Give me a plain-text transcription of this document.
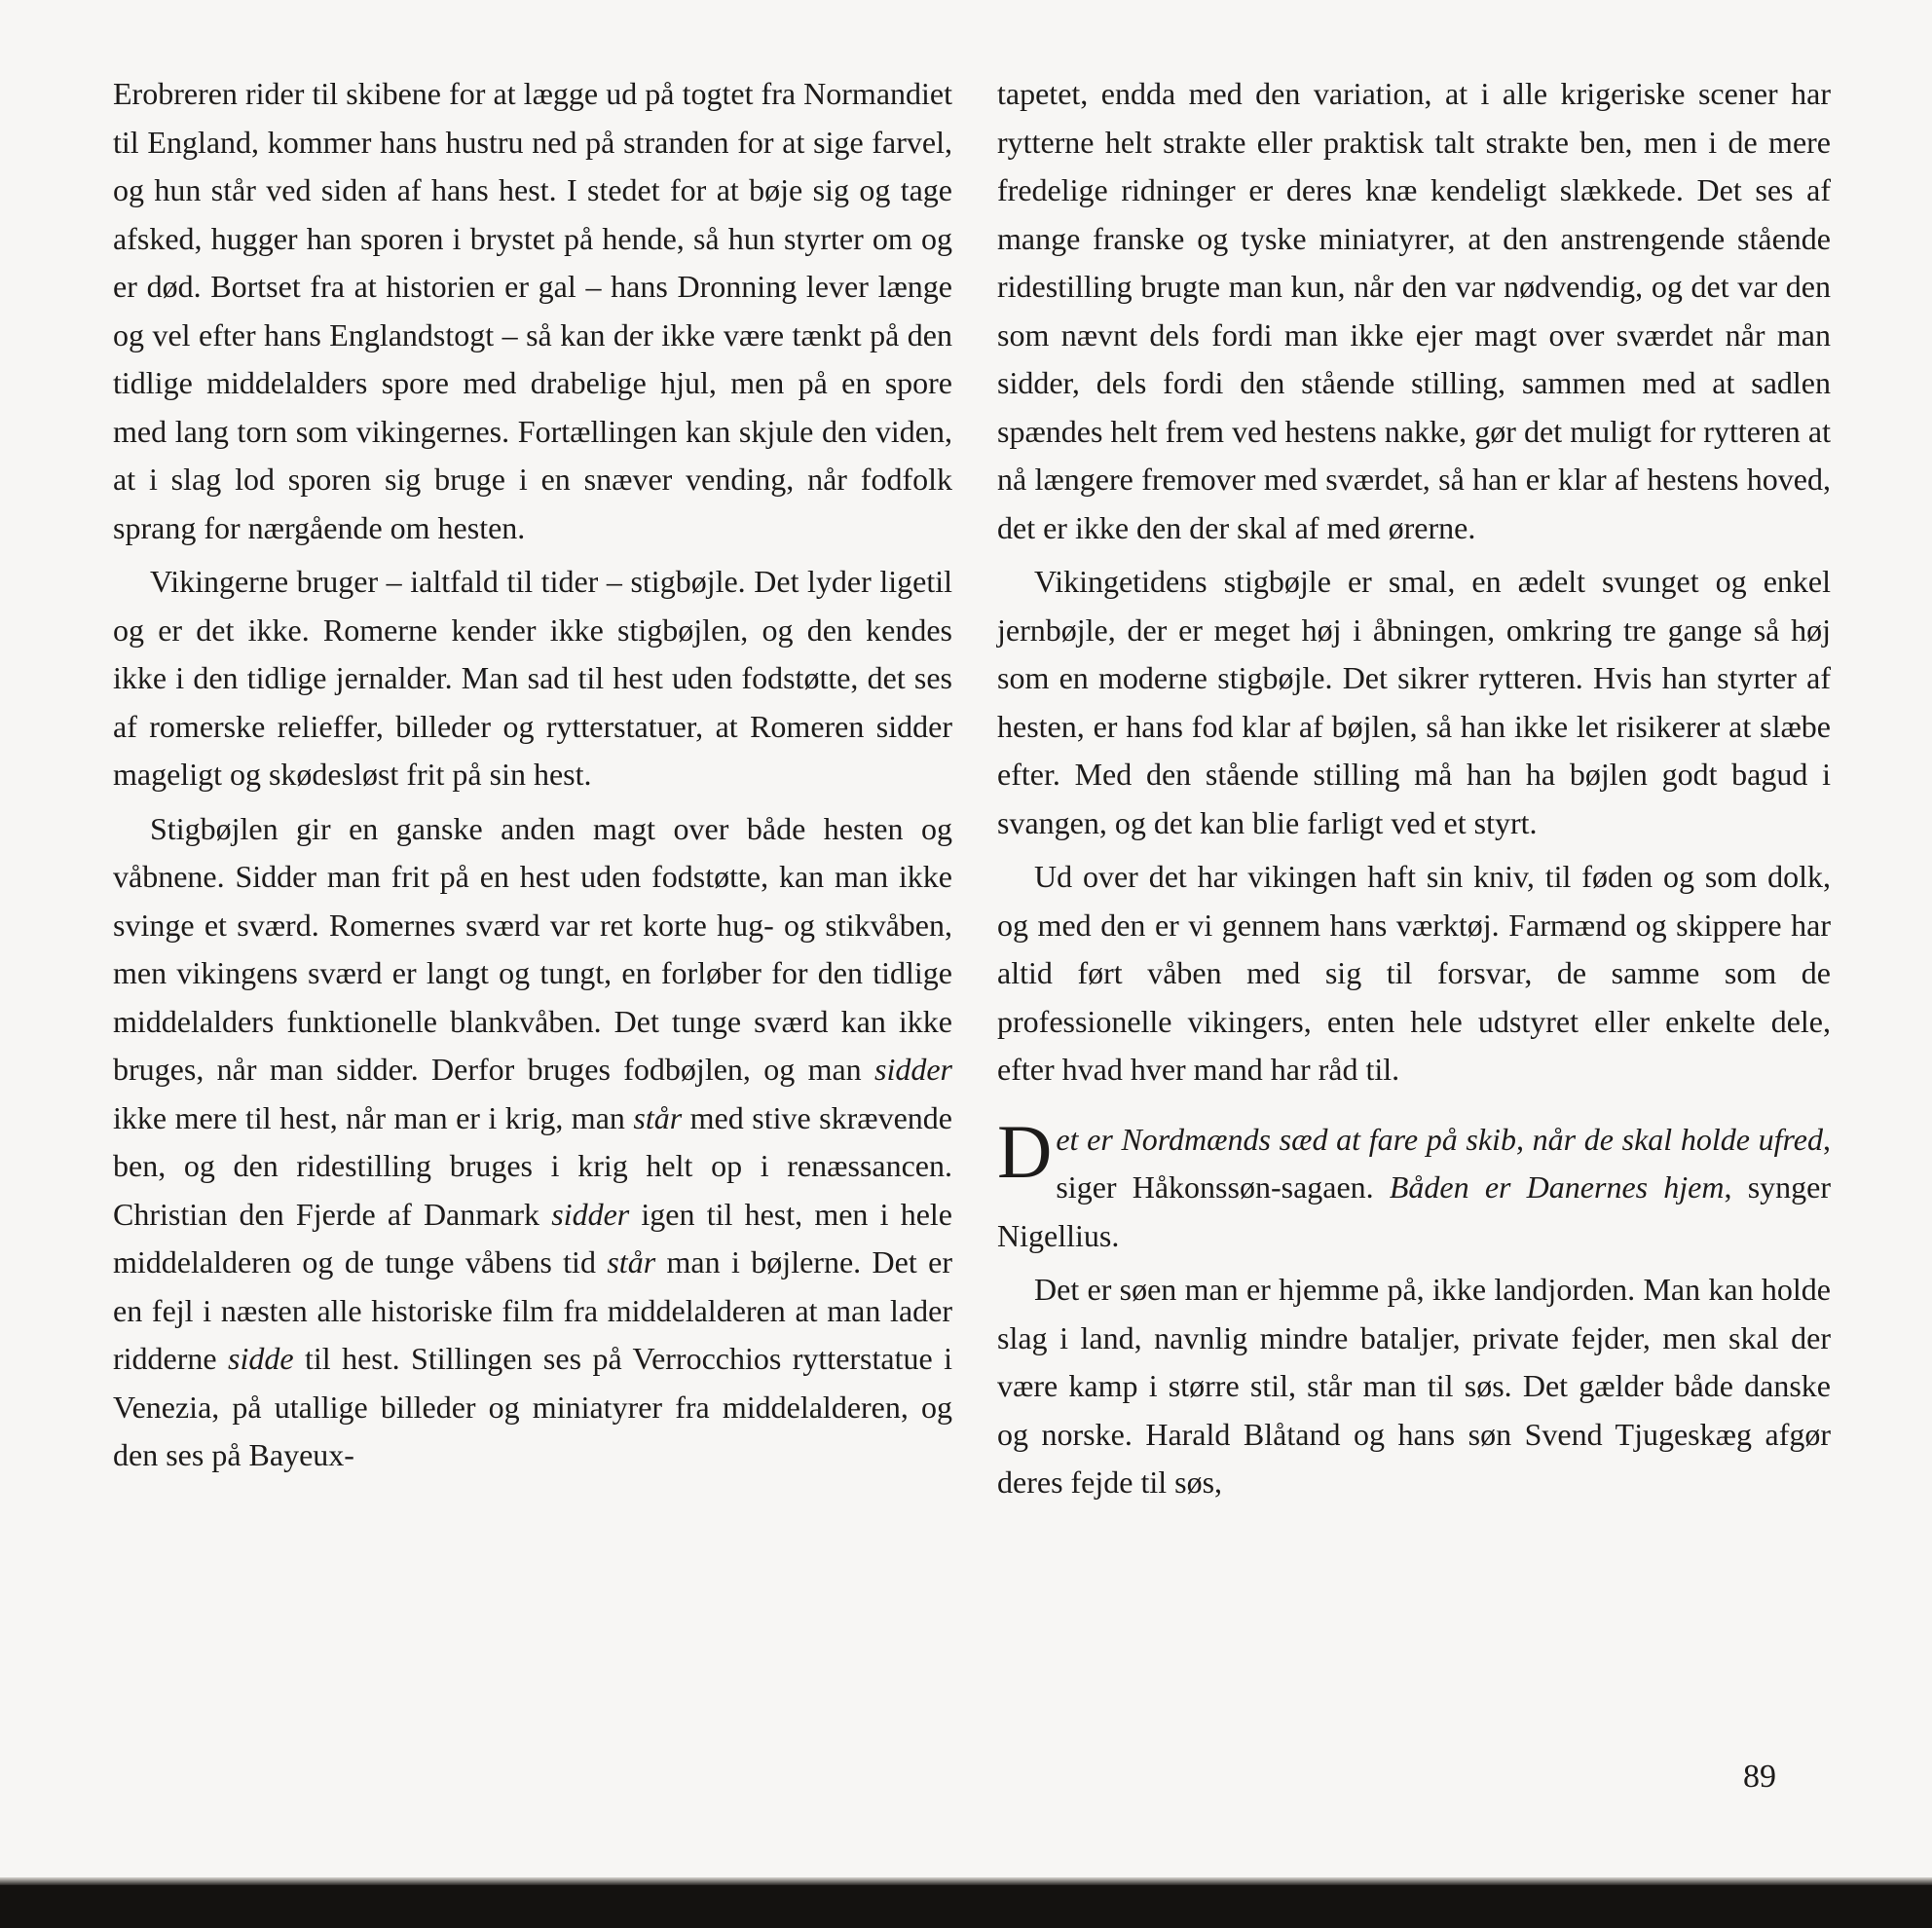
Erobreren rider til skibene for at lægge ud på togtet fra Normandiet til England, kommer hans hustru ned på stranden for at sige farvel, og hun står ved siden af hans hest. I stedet for at bøje sig og tage afsked, hugger han sporen i brystet på hende, så hun styrter om og er død. Bortset fra at historien er gal – hans Dronning lever længe og vel efter hans Englandstogt – så kan der ikke være tænkt på den tidlige middelalders spore med drabelige hjul, men på en spore med lang torn som vikingernes. Fortællingen kan skjule den viden, at i slag lod sporen sig bruge i en snæver vending, når fodfolk sprang for nærgående om hesten.

Vikingerne bruger – ialtfald til tider – stigbøjle. Det lyder ligetil og er det ikke. Romerne kender ikke stigbøjlen, og den kendes ikke i den tidlige jernalder. Man sad til hest uden fodstøtte, det ses af romerske relieffer, billeder og rytterstatuer, at Romeren sidder mageligt og skødesløst frit på sin hest.

Stigbøjlen gir en ganske anden magt over både hesten og våbnene. Sidder man frit på en hest uden fodstøtte, kan man ikke svinge et sværd. Romernes sværd var ret korte hug- og stikvåben, men vikingens sværd er langt og tungt, en forløber for den tidlige middelalders funktionelle blankvåben. Det tunge sværd kan ikke bruges, når man sidder. Derfor bruges fodbøjlen, og man sidder ikke mere til hest, når man er i krig, man står med stive skrævende ben, og den ridestilling bruges i krig helt op i renæssancen. Christian den Fjerde af Danmark sidder igen til hest, men i hele middelalderen og de tunge våbens tid står man i bøjlerne. Det er en fejl i næsten alle historiske film fra middelalderen at man lader ridderne sidde til hest. Stillingen ses på Verrocchios rytterstatue i Venezia, på utallige billeder og miniatyrer fra middelalderen, og den ses på Bayeux-

tapetet, endda med den variation, at i alle krigeriske scener har rytterne helt strakte eller praktisk talt strakte ben, men i de mere fredelige ridninger er deres knæ kendeligt slækkede. Det ses af mange franske og tyske miniatyrer, at den anstrengende stående ridestilling brugte man kun, når den var nødvendig, og det var den som nævnt dels fordi man ikke ejer magt over sværdet når man sidder, dels fordi den stående stilling, sammen med at sadlen spændes helt frem ved hestens nakke, gør det muligt for rytteren at nå længere fremover med sværdet, så han er klar af hestens hoved, det er ikke den der skal af med ørerne.

Vikingetidens stigbøjle er smal, en ædelt svunget og enkel jernbøjle, der er meget høj i åbningen, omkring tre gange så høj som en moderne stigbøjle. Det sikrer rytteren. Hvis han styrter af hesten, er hans fod klar af bøjlen, så han ikke let risikerer at slæbe efter. Med den stående stilling må han ha bøjlen godt bagud i svangen, og det kan blie farligt ved et styrt.

Ud over det har vikingen haft sin kniv, til føden og som dolk, og med den er vi gennem hans værktøj. Farmænd og skippere har altid ført våben med sig til forsvar, de samme som de professionelle vikingers, enten hele udstyret eller enkelte dele, efter hvad hver mand har råd til.

Det er Nordmænds sæd at fare på skib, når de skal holde ufred, siger Håkonssøn-sagaen. Båden er Danernes hjem, synger Nigellius.

Det er søen man er hjemme på, ikke landjorden. Man kan holde slag i land, navnlig mindre bataljer, private fejder, men skal der være kamp i større stil, står man til søs. Det gælder både danske og norske. Harald Blåtand og hans søn Svend Tjugeskæg afgør deres fejde til søs,

89
